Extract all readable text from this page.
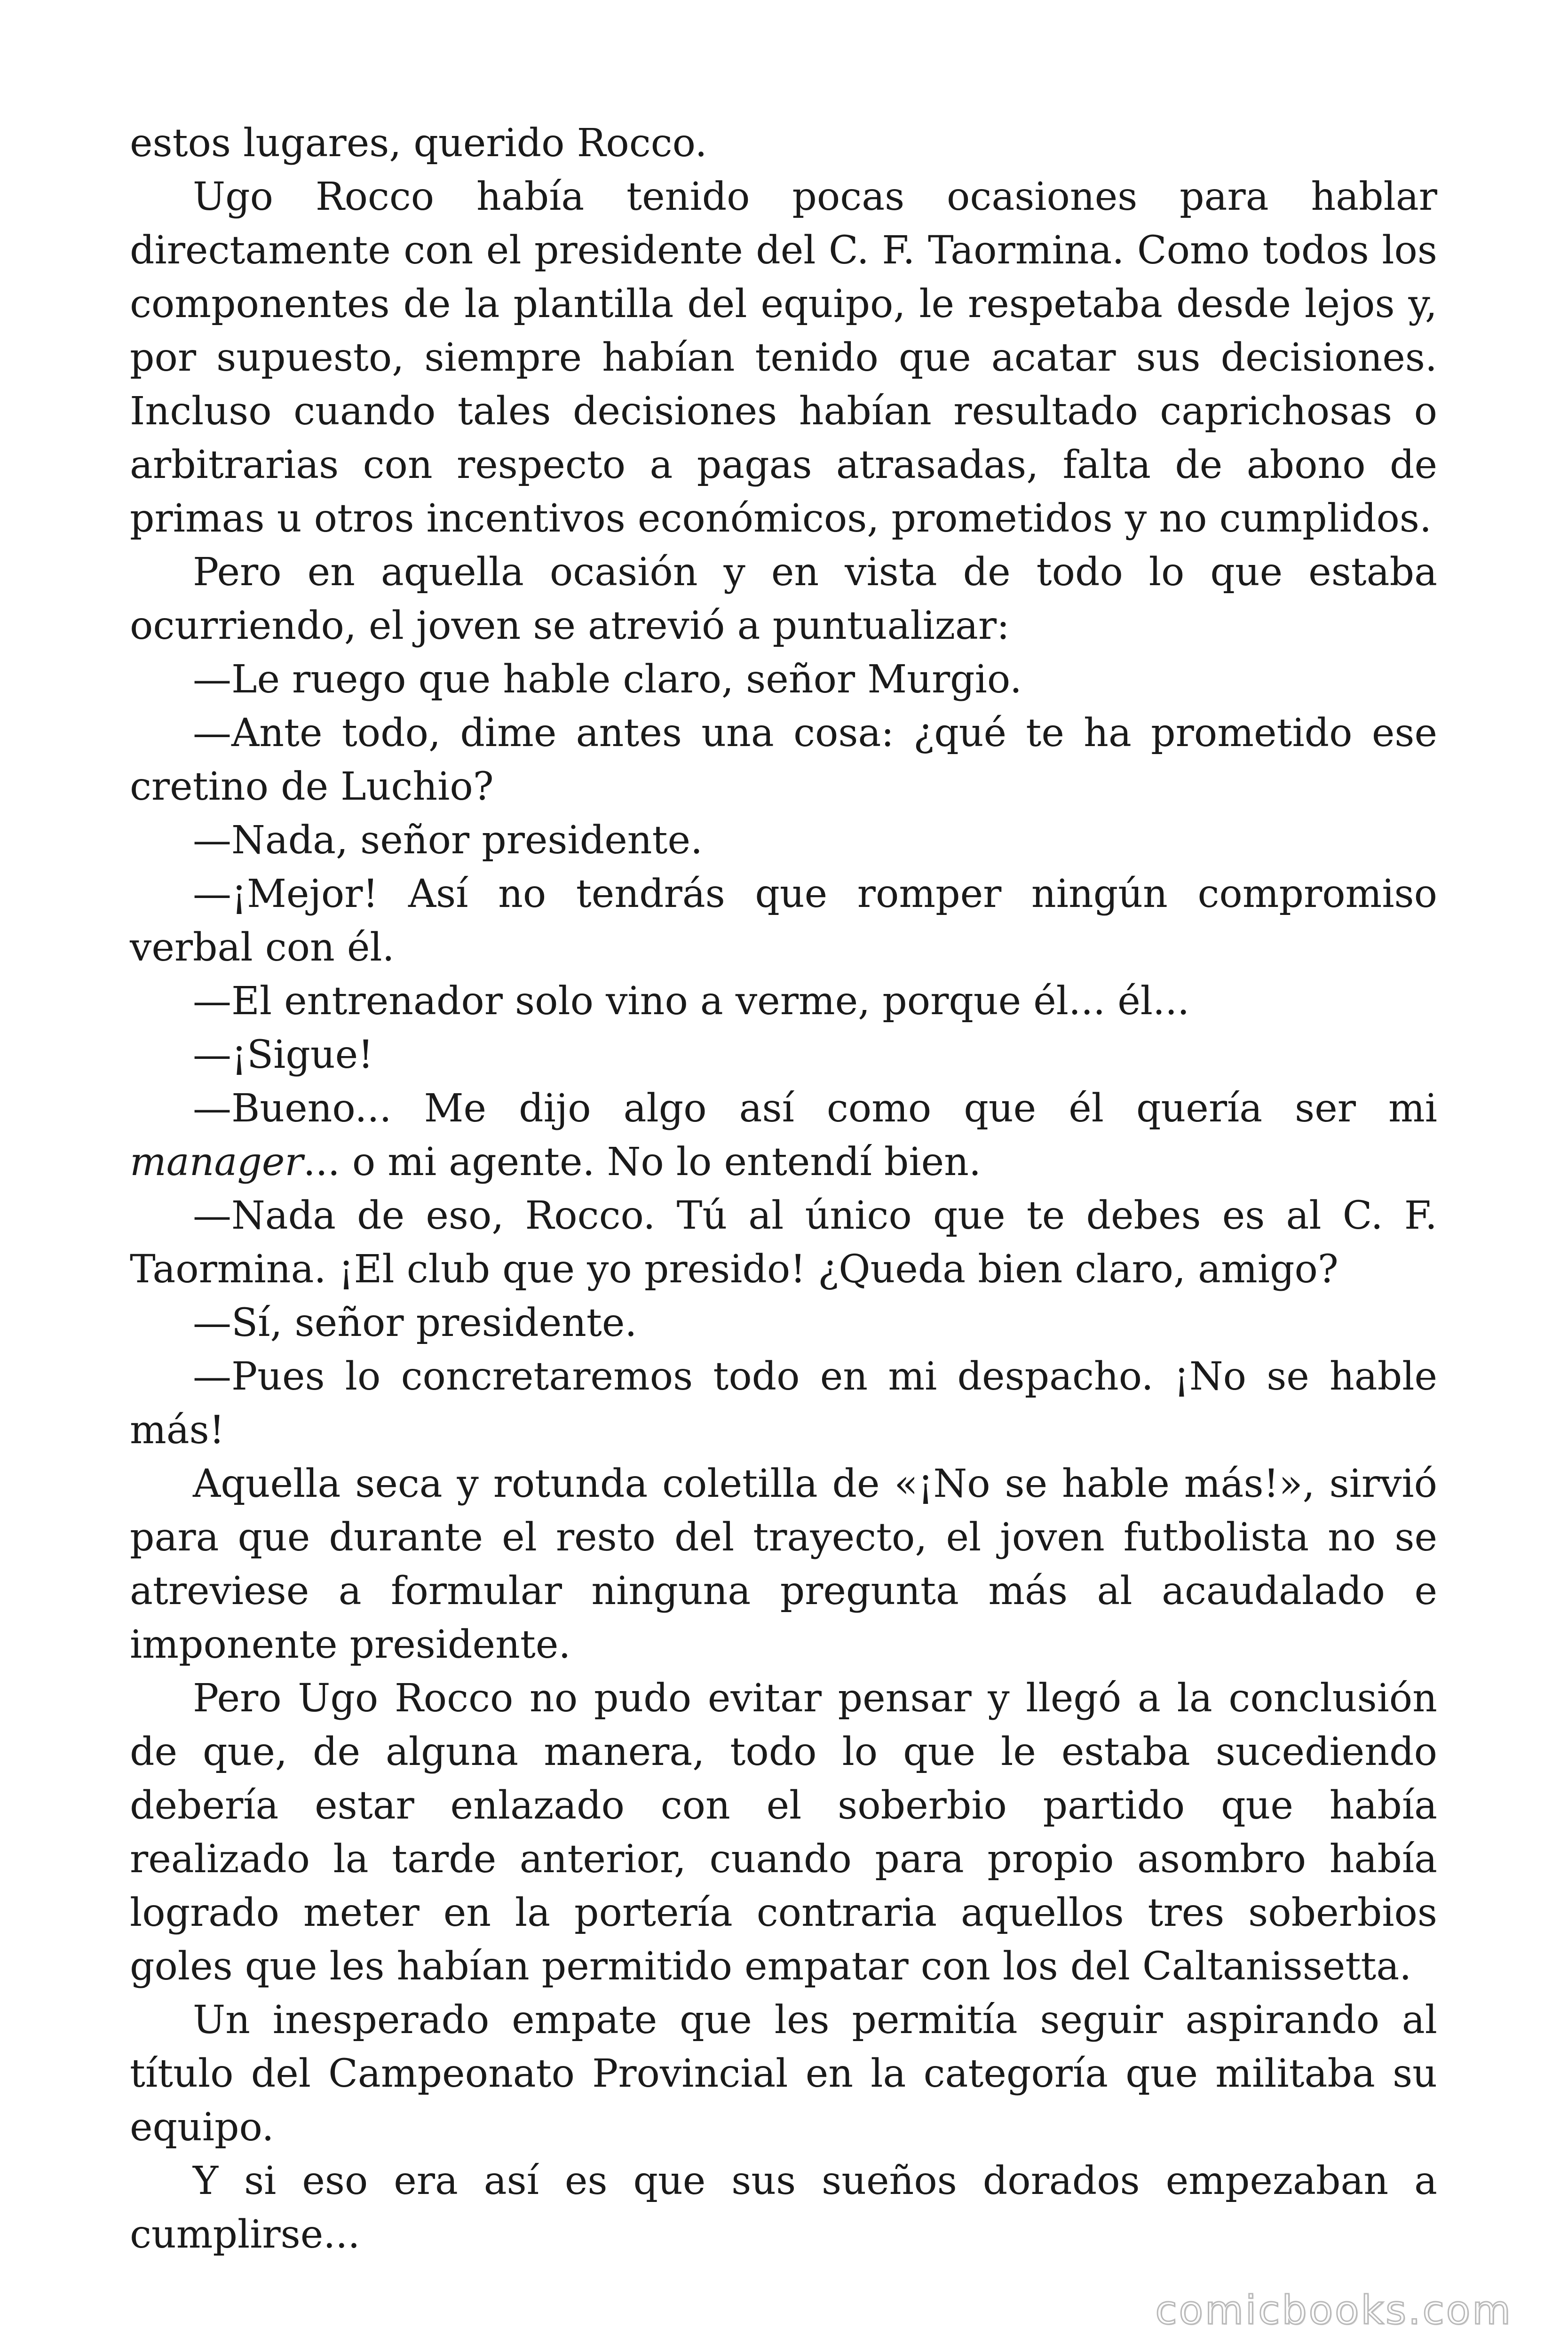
estos lugares, querido Rocco.

Ugo Rocco había tenido pocas ocasiones para hablar directamente con el presidente del C. F. Taormina. Como todos los componentes de la plantilla del equipo, le respetaba desde lejos y, por supuesto, siempre habían tenido que acatar sus decisiones. Incluso cuando tales decisiones habían resultado caprichosas o arbitrarias con respecto a pagas atrasadas, falta de abono de primas u otros incentivos económicos, prometidos y no cumplidos.

Pero en aquella ocasión y en vista de todo lo que estaba ocurriendo, el joven se atrevió a puntualizar:

—Le ruego que hable claro, señor Murgio.

—Ante todo, dime antes una cosa: ¿qué te ha prometido ese cretino de Luchio?

—Nada, señor presidente.

—¡Mejor! Así no tendrás que romper ningún compromiso verbal con él.

—El entrenador solo vino a verme, porque él... él...

—¡Sigue!

—Bueno... Me dijo algo así como que él quería ser mi manager... o mi agente. No lo entendí bien.

—Nada de eso, Rocco. Tú al único que te debes es al C. F. Taormina. ¡El club que yo presido! ¿Queda bien claro, amigo?

—Sí, señor presidente.

—Pues lo concretaremos todo en mi despacho. ¡No se hable más!

Aquella seca y rotunda coletilla de «¡No se hable más!», sirvió para que durante el resto del trayecto, el joven futbolista no se atreviese a formular ninguna pregunta más al acaudalado e imponente presidente.

Pero Ugo Rocco no pudo evitar pensar y llegó a la conclusión de que, de alguna manera, todo lo que le estaba sucediendo debería estar enlazado con el soberbio partido que había realizado la tarde anterior, cuando para propio asombro había logrado meter en la portería contraria aquellos tres soberbios goles que les habían permitido empatar con los del Caltanissetta.

Un inesperado empate que les permitía seguir aspirando al título del Campeonato Provincial en la categoría que militaba su equipo.

Y si eso era así es que sus sueños dorados empezaban a cumplirse...

comicbooks.com
